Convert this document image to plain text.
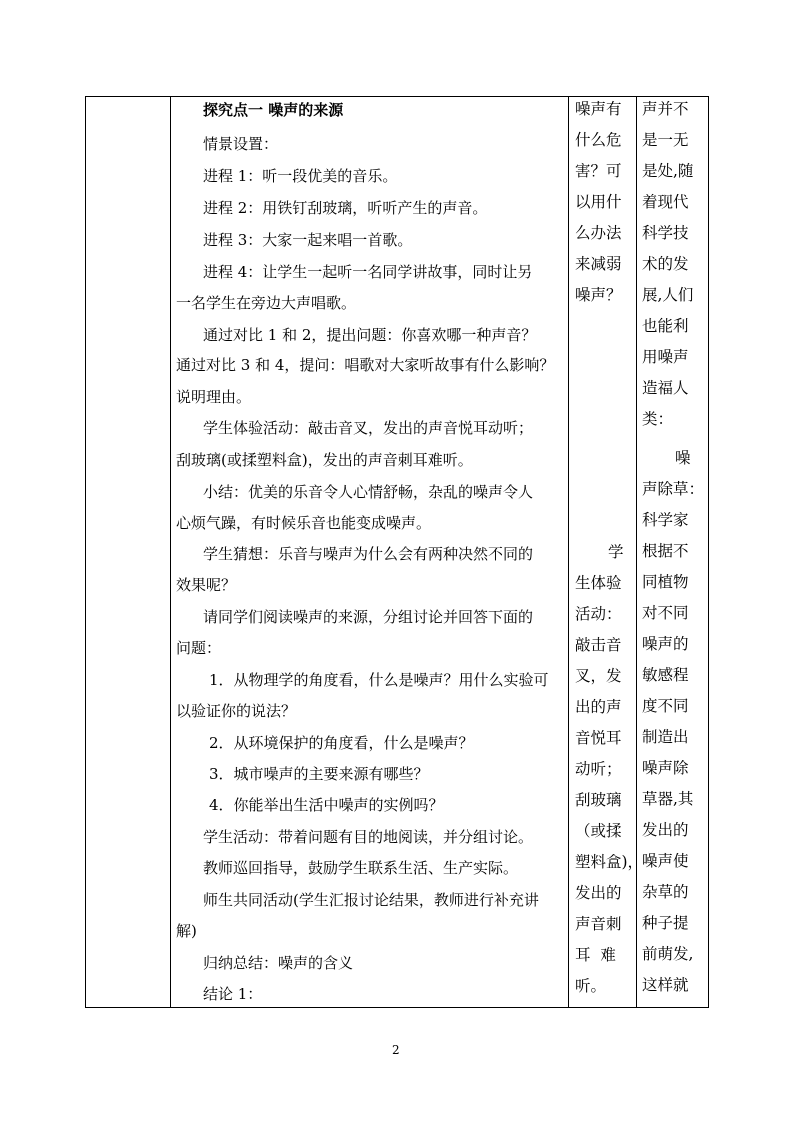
探究点一 噪声的来源
情景设置：
进程 1：听一段优美的音乐。
进程 2：用铁钉刮玻璃，听听产生的声音。
进程 3：大家一起来唱一首歌。
进程 4：让学生一起听一名同学讲故事，同时让另
一名学生在旁边大声唱歌。
通过对比 1 和 2，提出问题：你喜欢哪一种声音？
通过对比 3 和 4，提问：唱歌对大家听故事有什么影响？
说明理由。
学生体验活动：敲击音叉，发出的声音悦耳动听；
刮玻璃(或揉塑料盒)，发出的声音刺耳难听。
小结：优美的乐音令人心情舒畅，杂乱的噪声令人
心烦气躁，有时候乐音也能变成噪声。
学生猜想：乐音与噪声为什么会有两种决然不同的
效果呢？
请同学们阅读噪声的来源，分组讨论并回答下面的
问题：
1．从物理学的角度看，什么是噪声？用什么实验可
以验证你的说法？
2．从环境保护的角度看，什么是噪声？
3．城市噪声的主要来源有哪些？
4．你能举出生活中噪声的实例吗？
学生活动：带着问题有目的地阅读，并分组讨论。
教师巡回指导，鼓励学生联系生活、生产实际。
师生共同活动(学生汇报讨论结果，教师进行补充讲
解)
归纳总结：噪声的含义
结论 1：
噪声有
什么危
害？可
以用什
么办法
来减弱
噪声？
学
生体验
活动：
敲击音
叉，发
出的声
音悦耳
动听；
刮玻璃
（或揉
塑料盒)，
发出的
声音刺
耳  难
听。
声并不
是一无
是处,随
着现代
科学技
术的发
展,人们
也能利
用噪声
造福人
类：
噪
声除草：
科学家
根据不
同植物
对不同
噪声的
敏感程
度不同
制造出
噪声除
草器,其
发出的
噪声使
杂草的
种子提
前萌发,
这样就
2
